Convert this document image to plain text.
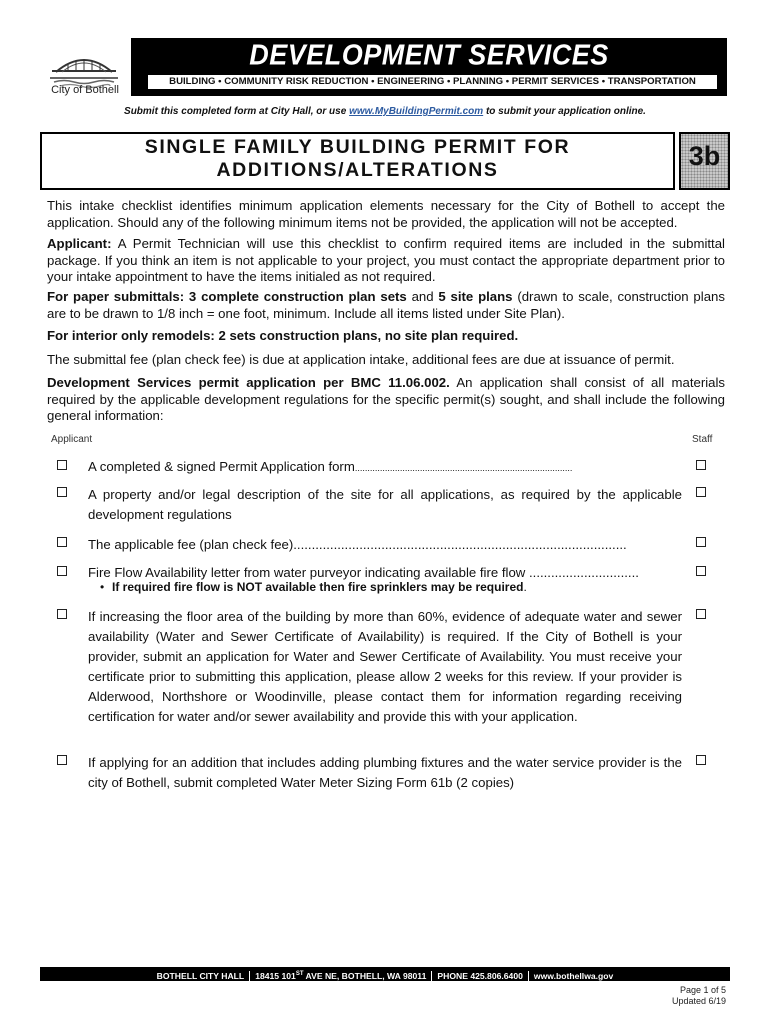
City of Bothell
DEVELOPMENT SERVICES
BUILDING • COMMUNITY RISK REDUCTION • ENGINEERING • PLANNING • PERMIT SERVICES • TRANSPORTATION
Submit this completed form at City Hall, or use www.MyBuildingPermit.com to submit your application online.
SINGLE FAMILY BUILDING PERMIT FOR
ADDITIONS/ALTERATIONS	3b
This intake checklist identifies minimum application elements necessary for the City of Bothell to accept the application. Should any of the following minimum items not be provided, the application will not be accepted.
Applicant: A Permit Technician will use this checklist to confirm required items are included in the submittal package. If you think an item is not applicable to your project, you must contact the appropriate department prior to your intake appointment to have the items initialed as not required.
For paper submittals: 3 complete construction plan sets and 5 site plans (drawn to scale, construction plans are to be drawn to 1/8 inch = one foot, minimum. Include all items listed under Site Plan).
For interior only remodels: 2 sets construction plans, no site plan required.
The submittal fee (plan check fee) is due at application intake, additional fees are due at issuance of permit.
Development Services permit application per BMC 11.06.002. An application shall consist of all materials required by the applicable development regulations for the specific permit(s) sought, and shall include the following general information:
Applicant	Staff
A completed & signed Permit Application form.......................................................................................
A property and/or legal description of the site for all applications, as required by the applicable development regulations
The applicable fee (plan check fee)...........................................................................................
Fire Flow Availability letter from water purveyor indicating available fire flow ..............................
• If required fire flow is NOT available then fire sprinklers may be required.
If increasing the floor area of the building by more than 60%, evidence of adequate water and sewer availability (Water and Sewer Certificate of Availability) is required. If the City of Bothell is your provider, submit an application for Water and Sewer Certificate of Availability. You must receive your certificate prior to submitting this application, please allow 2 weeks for this review. If your provider is Alderwood, Northshore or Woodinville, please contact them for information regarding receiving certification for water and/or sewer availability and provide this with your application.
If applying for an addition that includes adding plumbing fixtures and the water service provider is the city of Bothell, submit completed Water Meter Sizing Form 61b (2 copies)
BOTHELL CITY HALL 18415 101ST AVE NE, BOTHELL, WA 98011 PHONE 425.806.6400 www.bothellwa.gov
Page 1 of 5
Updated 6/19
